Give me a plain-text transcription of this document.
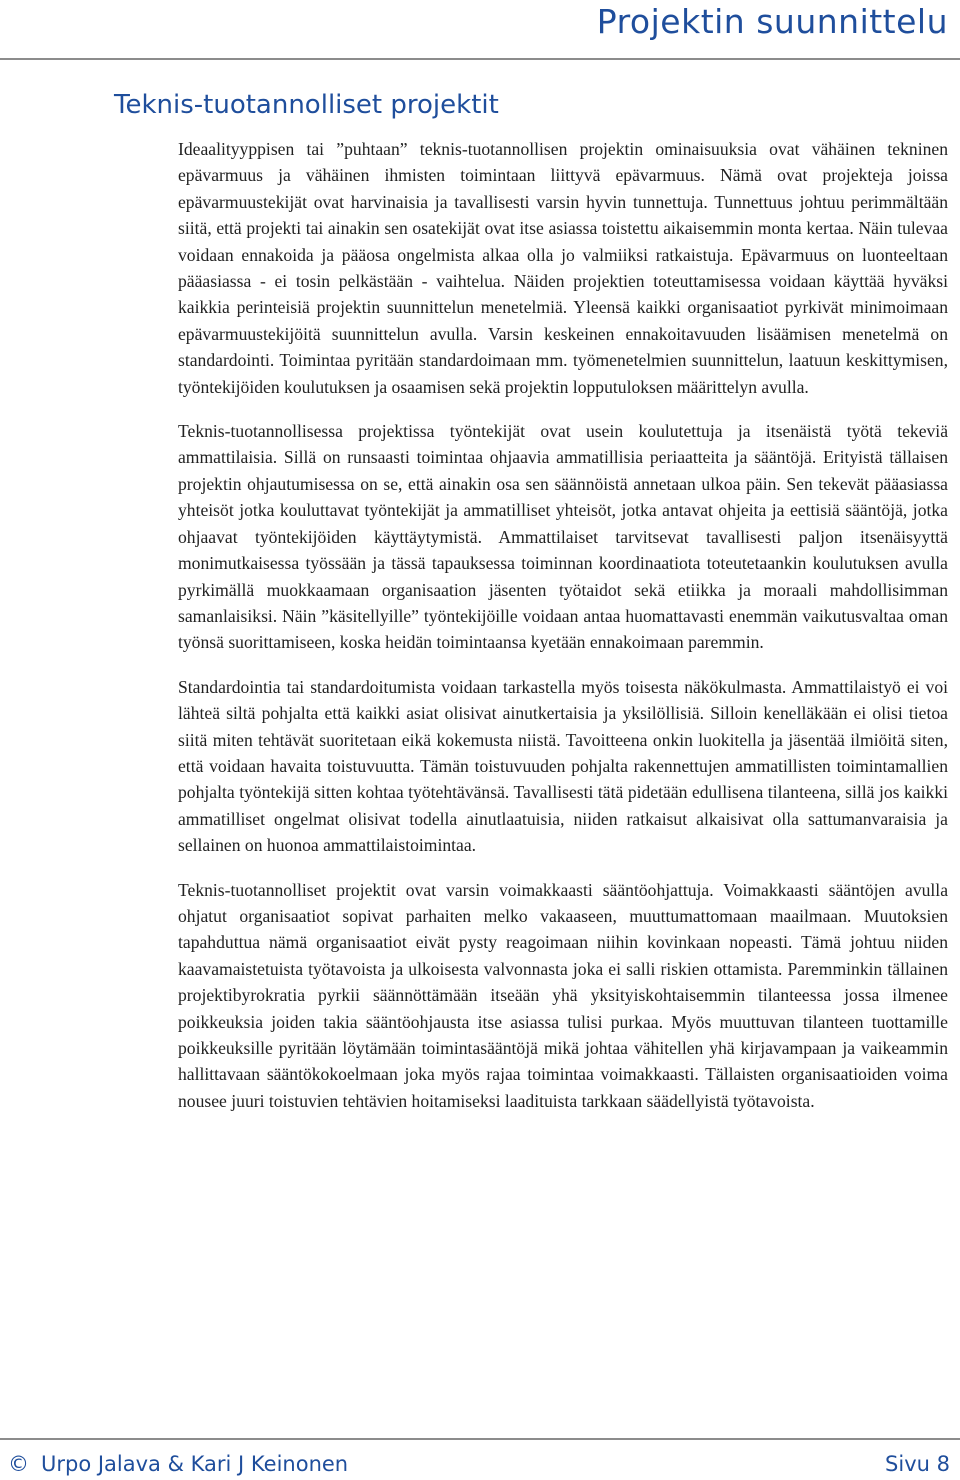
Projektin suunnittelu
Teknis-tuotannolliset projektit

Ideaalityyppisen tai ”puhtaan” teknis-tuotannollisen projektin ominaisuuksia ovat vähäinen tekninen epävarmuus ja vähäinen ihmisten toimintaan liittyvä epävarmuus. Nämä ovat projekteja joissa epävarmuustekijät ovat harvinaisia ja tavallisesti varsin hyvin tunnettuja. Tunnettuus johtuu perimmältään siitä, että projekti tai ainakin sen osatekijät ovat itse asiassa toistettu aikaisemmin monta kertaa. Näin tulevaa voidaan ennakoida ja pääosa ongelmista alkaa olla jo valmiiksi ratkaistuja. Epävarmuus on luonteeltaan pääasiassa - ei tosin pelkästään - vaihtelua. Näiden projektien toteuttamisessa voidaan käyttää hyväksi kaikkia perinteisiä projektin suunnittelun menetelmiä. Yleensä kaikki organisaatiot pyrkivät minimoimaan epävarmuustekijöitä suunnittelun avulla. Varsin keskeinen ennakoitavuuden lisäämisen menetelmä on standardointi. Toimintaa pyritään standardoimaan mm. työmenetelmien suunnittelun, laatuun keskittymisen, työntekijöiden koulutuksen ja osaamisen sekä projektin lopputuloksen määrittelyn avulla.

Teknis-tuotannollisessa projektissa työntekijät ovat usein koulutettuja ja itsenäistä työtä tekeviä ammattilaisia. Sillä on runsaasti toimintaa ohjaavia ammatillisia periaatteita ja sääntöjä. Erityistä tällaisen projektin ohjautumisessa on se, että ainakin osa sen säännöistä annetaan ulkoa päin. Sen tekevät pääasiassa yhteisöt jotka kouluttavat työntekijät ja ammatilliset yhteisöt, jotka antavat ohjeita ja eettisiä sääntöjä, jotka ohjaavat työntekijöiden käyttäytymistä. Ammattilaiset tarvitsevat tavallisesti paljon itsenäisyyttä monimutkaisessa työssään ja tässä tapauksessa toiminnan koordinaatiota toteutetaankin koulutuksen avulla pyrkimällä muokkaamaan organisaation jäsenten työtaidot sekä etiikka ja moraali mahdollisimman samanlaisiksi. Näin ”käsitellyille” työntekijöille voidaan antaa huomattavasti enemmän vaikutusvaltaa oman työnsä suorittamiseen, koska heidän toimintaansa kyetään ennakoimaan paremmin.

Standardointia tai standardoitumista voidaan tarkastella myös toisesta näkökulmasta. Ammattilaistyö ei voi lähteä siltä pohjalta että kaikki asiat olisivat ainutkertaisia ja yksilöllisiä. Silloin kenelläkään ei olisi tietoa siitä miten tehtävät suoritetaan eikä kokemusta niistä. Tavoitteena onkin luokitella ja jäsentää ilmiöitä siten, että voidaan havaita toistuvuutta. Tämän toistuvuuden pohjalta rakennettujen ammatillisten toimintamallien pohjalta työntekijä sitten kohtaa työtehtävänsä. Tavallisesti tätä pidetään edullisena tilanteena, sillä jos kaikki ammatilliset ongelmat olisivat todella ainutlaatuisia, niiden ratkaisut alkaisivat olla sattumanvaraisia ja sellainen on huonoa ammattilaistoimintaa.

Teknis-tuotannolliset projektit ovat varsin voimakkaasti sääntöohjattuja. Voimakkaasti sääntöjen avulla ohjatut organisaatiot sopivat parhaiten melko vakaaseen, muuttumattomaan maailmaan. Muutoksien tapahduttua nämä organisaatiot eivät pysty reagoimaan niihin kovinkaan nopeasti. Tämä johtuu niiden kaavamaistetuista työtavoista ja ulkoisesta valvonnasta joka ei salli riskien ottamista. Paremminkin tällainen projektibyrokratia pyrkii säännöttämään itseään yhä yksityiskohtaisemmin tilanteessa jossa ilmenee poikkeuksia joiden takia sääntöohjausta itse asiassa tulisi purkaa. Myös muuttuvan tilanteen tuottamille poikkeuksille pyritään löytämään toimintasääntöjä mikä johtaa vähitellen yhä kirjavampaan ja vaikeammin hallittavaan sääntökokoelmaan joka myös rajaa toimintaa voimakkaasti. Tällaisten organisaatioiden voima nousee juuri toistuvien tehtävien hoitamiseksi laadituista tarkkaan säädellyistä työtavoista.

© Urpo Jalava & Kari J Keinonen	Sivu 8
